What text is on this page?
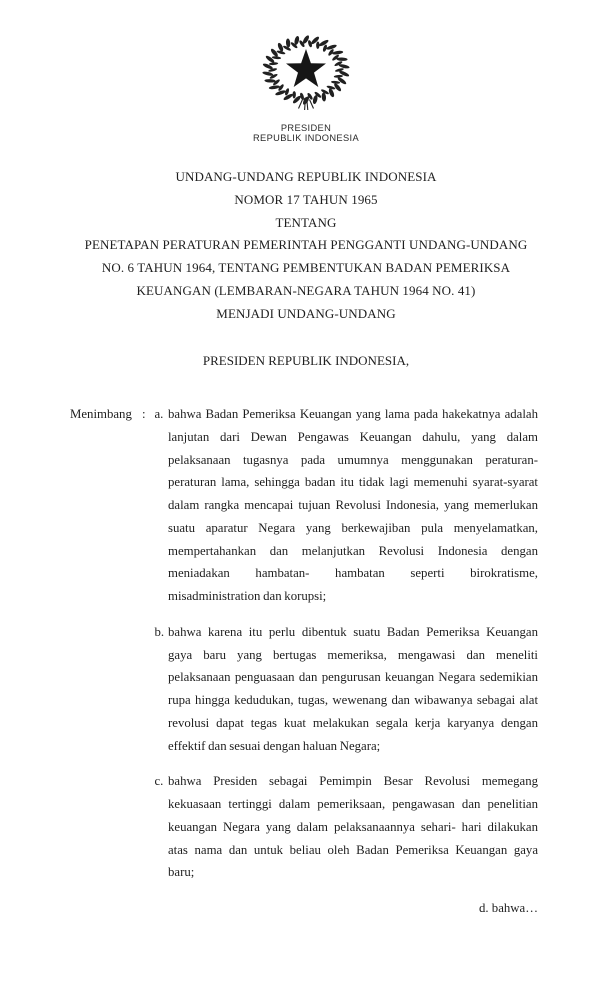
PRESIDEN
REPUBLIK INDONESIA
UNDANG-UNDANG REPUBLIK INDONESIA
NOMOR 17 TAHUN 1965
TENTANG
PENETAPAN PERATURAN PEMERINTAH PENGGANTI UNDANG-UNDANG
NO. 6 TAHUN 1964, TENTANG PEMBENTUKAN BADAN PEMERIKSA
KEUANGAN (LEMBARAN-NEGARA TAHUN 1964 NO. 41)
MENJADI UNDANG-UNDANG
PRESIDEN REPUBLIK INDONESIA,
Menimbang : a. bahwa Badan Pemeriksa Keuangan yang lama pada hakekatnya adalah
lanjutan dari Dewan Pengawas Keuangan dahulu, yang dalam
pelaksanaan tugasnya pada umumnya menggunakan peraturan-
peraturan lama, sehingga badan itu tidak lagi memenuhi syarat-syarat
dalam rangka mencapai tujuan Revolusi Indonesia, yang memerlukan
suatu aparatur Negara yang berkewajiban pula menyelamatkan,
mempertahankan dan melanjutkan Revolusi Indonesia dengan
meniadakan hambatan- hambatan seperti birokratisme,
misadministration dan korupsi;
b. bahwa karena itu perlu dibentuk suatu Badan Pemeriksa Keuangan
gaya baru yang bertugas memeriksa, mengawasi dan meneliti
pelaksanaan penguasaan dan pengurusan keuangan Negara sedemikian
rupa hingga kedudukan, tugas, wewenang dan wibawanya sebagai alat
revolusi dapat tegas kuat melakukan segala kerja karyanya dengan
effektif dan sesuai dengan haluan Negara;
c. bahwa Presiden sebagai Pemimpin Besar Revolusi memegang
kekuasaan tertinggi dalam pemeriksaan, pengawasan dan penelitian
keuangan Negara yang dalam pelaksanaannya sehari- hari dilakukan
atas nama dan untuk beliau oleh Badan Pemeriksa Keuangan gaya
baru;
d. bahwa…
